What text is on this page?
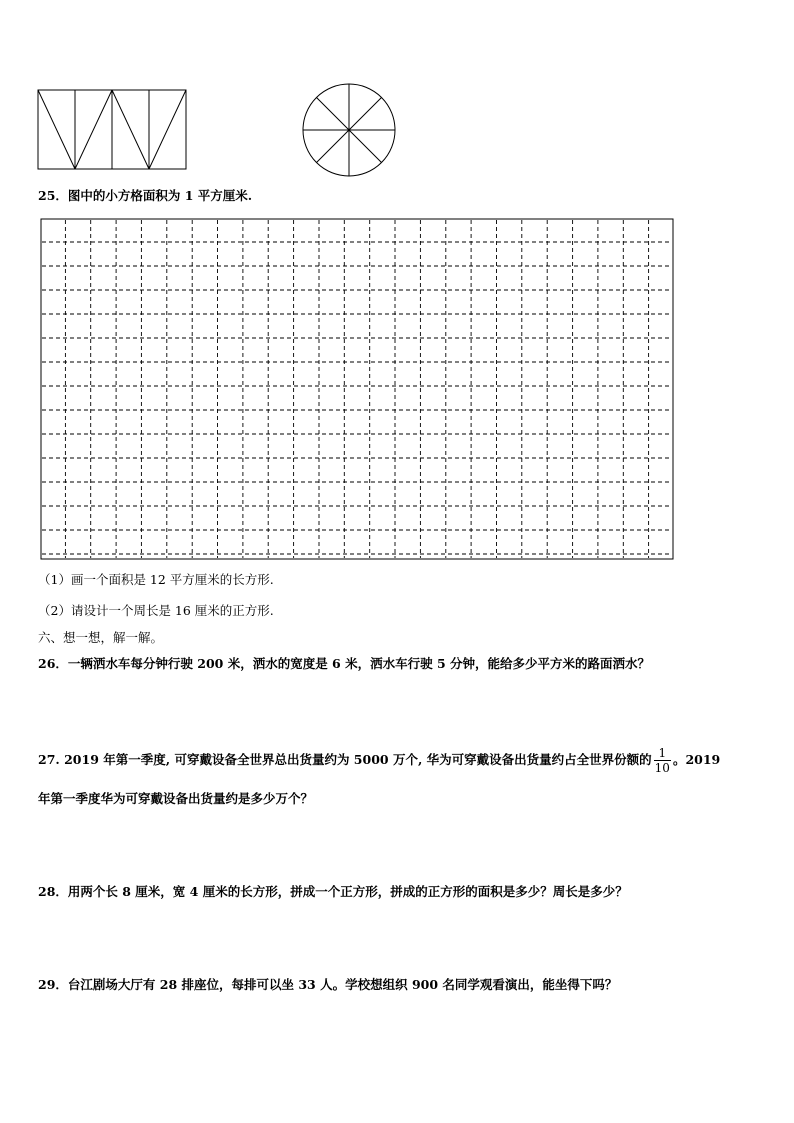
25．图中的小方格面积为 1 平方厘米.
（1）画一个面积是 12 平方厘米的长方形.
（2）请设计一个周长是 16 厘米的正方形.
六、想一想，解一解。
26．一辆洒水车每分钟行驶 200 米，洒水的宽度是 6 米，洒水车行驶 5 分钟，能给多少平方米的路面洒水？
27. 2019 年第一季度, 可穿戴设备全世界总出货量约为 5000 万个, 华为可穿戴设备出货量约占全世界份额的 $\frac{1}{10}$ 。2019
年第一季度华为可穿戴设备出货量约是多少万个？
28．用两个长 8 厘米，宽 4 厘米的长方形，拼成一个正方形，拼成的正方形的面积是多少？周长是多少？
29．台江剧场大厅有 28 排座位，每排可以坐 33 人。学校想组织 900 名同学观看演出，能坐得下吗？
